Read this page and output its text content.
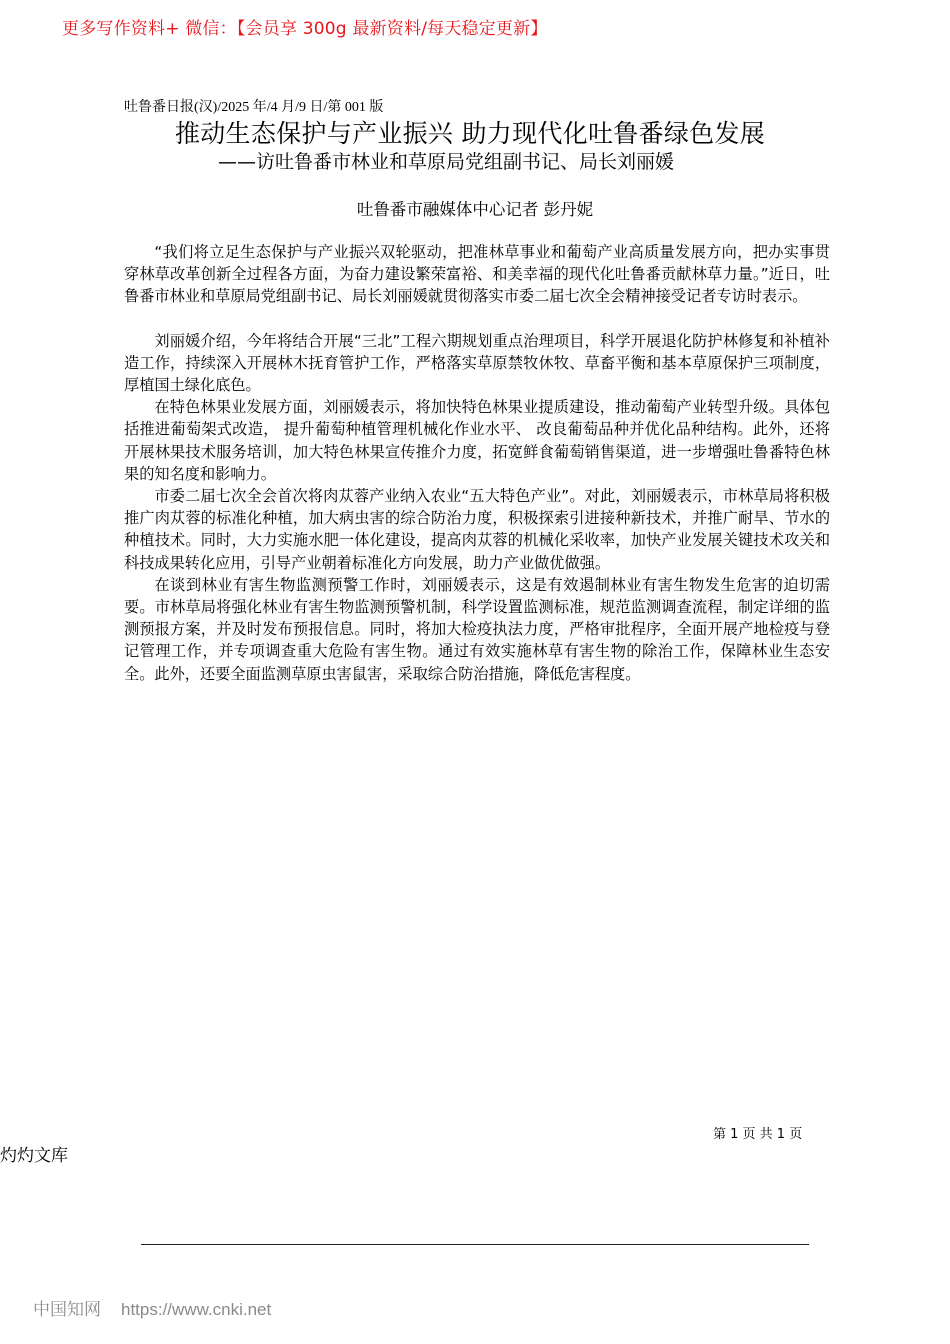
更多写作资料+ 微信：【会员享 300g 最新资料/每天稳定更新】
吐鲁番日报(汉)/2025 年/4 月/9 日/第 001 版
推动生态保护与产业振兴 助力现代化吐鲁番绿色发展
——访吐鲁番市林业和草原局党组副书记、局长刘丽媛
吐鲁番市融媒体中心记者 彭丹妮

“我们将立足生态保护与产业振兴双轮驱动，把准林草事业和葡萄产业高质量发展方向，把办实事贯穿林草改革创新全过程各方面，为奋力建设繁荣富裕、和美幸福的现代化吐鲁番贡献林草力量。”近日，吐鲁番市林业和草原局党组副书记、局长刘丽媛就贯彻落实市委二届七次全会精神接受记者专访时表示。

刘丽媛介绍，今年将结合开展“三北”工程六期规划重点治理项目，科学开展退化防护林修复和补植补造工作，持续深入开展林木抚育管护工作，严格落实草原禁牧休牧、草畜平衡和基本草原保护三项制度，厚植国土绿化底色。

在特色林果业发展方面，刘丽媛表示，将加快特色林果业提质建设，推动葡萄产业转型升级。具体包括推进葡萄架式改造， 提升葡萄种植管理机械化作业水平、 改良葡萄品种并优化品种结构。此外，还将开展林果技术服务培训，加大特色林果宣传推介力度，拓宽鲜食葡萄销售渠道，进一步增强吐鲁番特色林果的知名度和影响力。

市委二届七次全会首次将肉苁蓉产业纳入农业“五大特色产业”。对此，刘丽媛表示，市林草局将积极推广肉苁蓉的标准化种植，加大病虫害的综合防治力度，积极探索引进接种新技术，并推广耐旱、节水的种植技术。同时，大力实施水肥一体化建设，提高肉苁蓉的机械化采收率，加快产业发展关键技术攻关和科技成果转化应用，引导产业朝着标准化方向发展，助力产业做优做强。

在谈到林业有害生物监测预警工作时，刘丽媛表示，这是有效遏制林业有害生物发生危害的迫切需要。市林草局将强化林业有害生物监测预警机制，科学设置监测标准，规范监测调查流程，制定详细的监测预报方案，并及时发布预报信息。同时，将加大检疫执法力度，严格审批程序，全面开展产地检疫与登记管理工作，并专项调查重大危险有害生物。通过有效实施林草有害生物的除治工作，保障林业生态安全。此外，还要全面监测草原虫害鼠害，采取综合防治措施，降低危害程度。

第 1 页 共 1 页
灼灼文库
中国知网 https://www.cnki.net
